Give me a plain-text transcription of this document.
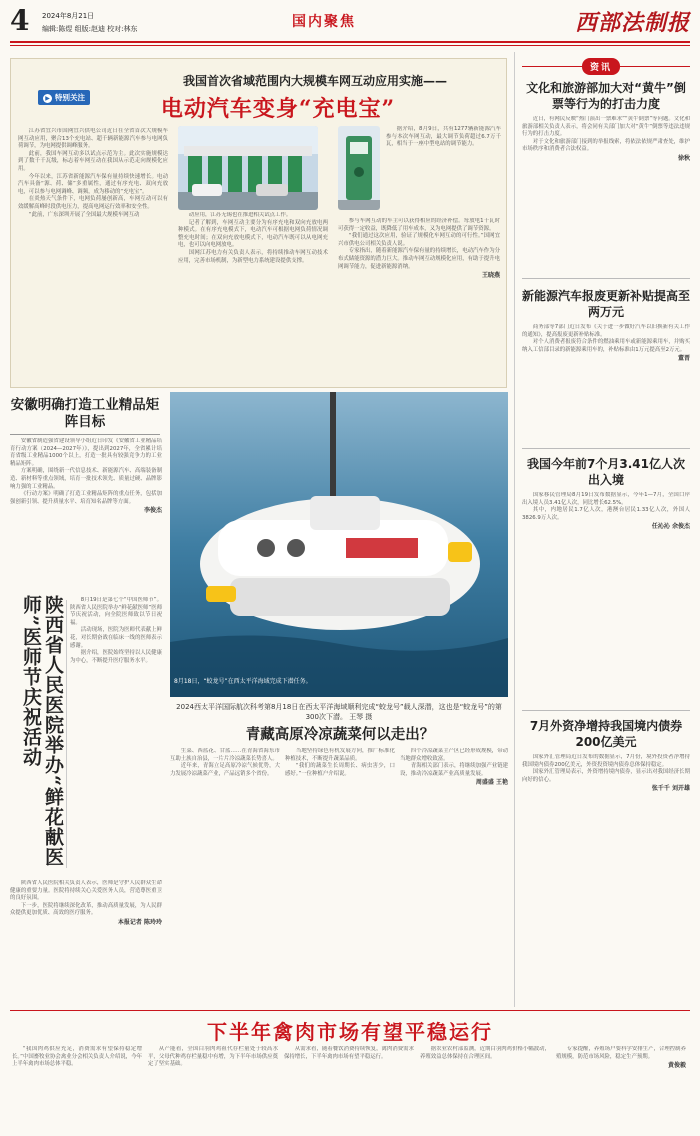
4 2024年8月21日
编辑:陈煜 组版:赵迪 校对:林东	国内聚焦	西部法制报
我国首次省域范围内大规模车网互动应用实施——
▶ 特别关注	电动汽车变身“充电宝”

江苏省宜兴市国网宜兴供电公司近日在全省首次大规模车网互动应用，聚合13个充电站、超千辆新能源汽车参与电网负荷调节，为电网提供调峰服务。

此前，我国车网互动多以试点示范为主。此次实施规模达到了数千千瓦级，标志着车网互动在我国从示范走向规模化应用。

今年以来，江苏省新能源汽车保有量持续快速增长。电动汽车具备“源、荷、储”多重属性，通过有序充电、双向充放电，可以参与电网调峰、调频，成为移动的“充电宝”。

在炎热天气条件下，电网负荷屡创新高，车网互动可以有效缓解高峰时段供电压力，提高电网运行效率和安全性。

“此前，广东深圳开展了全国最大规模车网互动	动应用，江苏无锡也在推进相关试点工作。

记者了解到，车网互动主要分为有序充电和双向充放电两种模式。在有序充电模式下，电动汽车可根据电网负荷情况调整充电时间；在双向充放电模式下，电动汽车既可以从电网充电，也可以向电网放电。

国网江苏电力有关负责人表示，将持续推动车网互动技术应用，完善市场机制，为新型电力系统建设提供支撑。

据介绍，8月9日，共有1277辆新能源汽车参与本次车网互动，最大调节负荷超过6.7万千瓦，相当于一座中型电站的调节能力。

参与车网互动的车主可以获得相应的经济补偿。每放电1千瓦时可获得一定收益，既降低了用车成本，又为电网提供了调节资源。

“我们通过这次应用，验证了规模化车网互动的可行性。”国网宜兴市供电公司相关负责人说。

专家指出，随着新能源汽车保有量的持续增长，电动汽车作为分布式储能资源的潜力巨大。推动车网互动规模化应用，有助于提升电网调节能力，促进新能源消纳。

王晓燕
安徽明确打造工业精品矩阵目标

安徽省制造强省建设领导小组近日印发《安徽省工业精品培育行动方案（2024—2027年）》，提出到2027年，全省累计培育省级工业精品1000个以上，打造一批具有较强竞争力的工业精品矩阵。

方案明确，围绕新一代信息技术、新能源汽车、高端装备制造、新材料等重点领域，培育一批技术领先、质量过硬、品牌影响力强的工业精品。

《行动方案》明确了打造工业精品矩阵的重点任务，包括加强创新引领、提升质量水平、培育知名品牌等方面。

李俊杰
8月18日，“蛟龙号”在西太平洋海域完成下潜任务。
2024西太平洋国际航次科考第8月18日在西太平洋海域顺利完成“蛟龙号”载人深潜，这也是“蛟龙号”的第300次下潜。 王琴 摄
陕西省人民医院举办“鲜花献医师”医师节庆祝活动	8月19日是第七个“中国医师节”。陕西省人民医院举办“鲜花献医师”医师节庆祝活动，向全院医师致以节日祝福。

活动现场，医院为医师代表献上鲜花，对长期奋战在临床一线的医师表示感谢。

据介绍，医院始终坚持以人民健康为中心，不断提升医疗服务水平。

陕西省人民医院相关负责人表示，医师是守护人民群众生命健康的重要力量。医院将持续关心关爱医务人员，营造尊医重卫的良好氛围。

下一步，医院将继续深化改革，推动高质量发展，为人民群众提供更加优质、高效的医疗服务。

本报记者 陈玲玲
青藏高原冷凉蔬菜何以走出？

生菜、西蓝花、甘蓝……在青海省海东市互助土族自治县，一片片冷凉蔬菜长势喜人。

近年来，青海立足高原冷凉气候优势，大力发展冷凉蔬菜产业，产品远销多个省份。

当地坚持绿色有机发展方向，推广标准化种植技术，不断提升蔬菜品质。

“我们的蔬菜生长周期长、病虫害少，口感好。”一位种植户介绍说。

四个冷凉蔬菜主产区已经形成规模，带动当地群众增收致富。

青海相关部门表示，将继续加强产业链建设，推动冷凉蔬菜产业高质量发展。

周盛盛 王艳
资讯
文化和旅游部加大对“黄牛”倒票等行为的打击力度

近日，有网民反映“热门演出一票难求”“黄牛倒票”等问题。文化和旅游部相关负责人表示，将会同有关部门加大对“黄牛”倒票等违法违规行为的打击力度。

对于文化和旅游部门接到的举报线索，将依法依规严肃查处，维护市场秩序和消费者合法权益。

徐秋
新能源汽车报废更新补贴提高至两万元

商务部等7部门近日发布《关于进一步做好汽车以旧换新有关工作的通知》，提高报废更新补贴标准。

对个人消费者报废符合条件的燃油乘用车或新能源乘用车，并购买纳入工信部目录的新能源乘用车的，补贴标准由1万元提高至2万元。

董晋
我国今年前7个月3.41亿人次出入境

国家移民管理局8月19日发布数据显示，今年1—7月，全国口岸出入境人员3.41亿人次，同比增长62.5%。

其中，内地居民1.7亿人次，港澳台居民1.33亿人次，外国人3826.9万人次。

任沁沁 余俊杰
7月外资净增持我国境内债券200亿美元

国家外汇管理局近日发布的数据显示，7月份，境外投资者净增持我国境内债券200亿美元，外资投资境内债券总体保持稳定。

国家外汇管理局表示，外资增持境内债券，显示出对我国经济长期向好的信心。

张千千 刘开雄
下半年禽肉市场有望平稳运行

“我国肉鸡供应充足，消费需求有望保持稳定增长。”中国畜牧业协会禽业分会相关负责人介绍说，今年上半年禽肉市场总体平稳。

从产能看，全国白羽肉鸡祖代存栏量处于较高水平，父母代种鸡存栏量稳中有增，为下半年市场供应奠定了坚实基础。

从需求看，随着餐饮消费持续恢复，禽肉消费需求保持增长，下半年禽肉市场有望平稳运行。

据农业农村部监测，近期白羽肉鸡价格小幅波动，养殖效益总体保持在合理区间。

专家提醒，养殖场户要科学安排生产，合理控制养殖规模，防范市场风险，稳定生产预期。

黄俊毅
